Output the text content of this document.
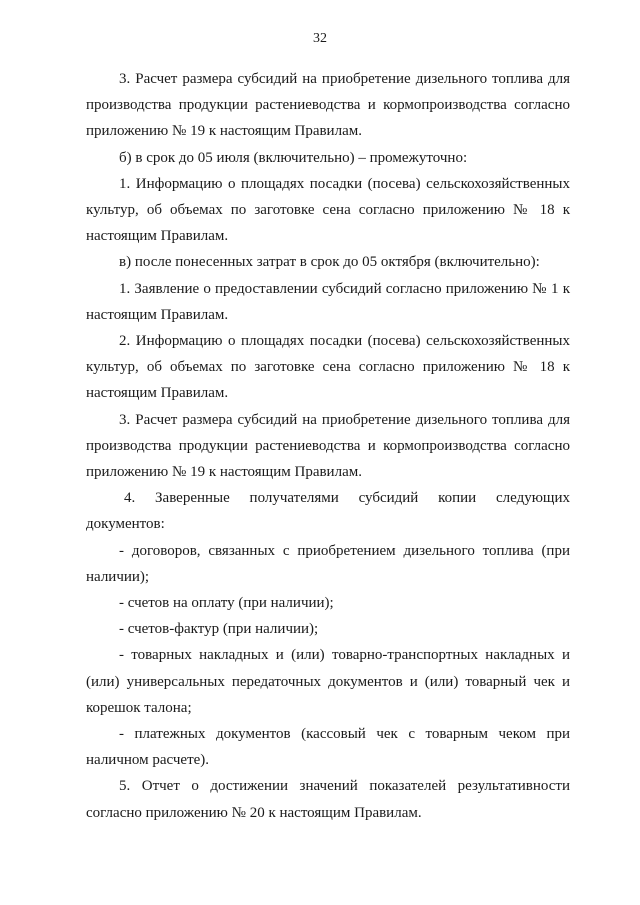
32

3. Расчет размера субсидий на приобретение дизельного топлива для производства продукции растениеводства и кормопроизводства согласно приложению № 19 к настоящим Правилам.

б) в срок до 05 июля (включительно) – промежуточно:

1. Информацию о площадях посадки (посева) сельскохозяйственных культур, об объемах по заготовке сена согласно приложению № 18 к настоящим Правилам.

в) после понесенных затрат в срок до 05 октября (включительно):

1. Заявление о предоставлении субсидий согласно приложению № 1 к настоящим Правилам.

2. Информацию о площадях посадки (посева) сельскохозяйственных культур, об объемах по заготовке сена согласно приложению № 18 к настоящим Правилам.

3. Расчет размера субсидий на приобретение дизельного топлива для производства продукции растениеводства и кормопроизводства согласно приложению № 19 к настоящим Правилам.

4. Заверенные получателями субсидий копии следующих документов:

- договоров, связанных с приобретением дизельного топлива (при наличии);

- счетов на оплату (при наличии);

- счетов-фактур (при наличии);

- товарных накладных и (или) товарно-транспортных накладных и (или) универсальных передаточных документов и (или) товарный чек и корешок талона;

- платежных документов (кассовый чек с товарным чеком при наличном расчете).

5. Отчет о достижении значений показателей результативности согласно приложению № 20 к настоящим Правилам.
